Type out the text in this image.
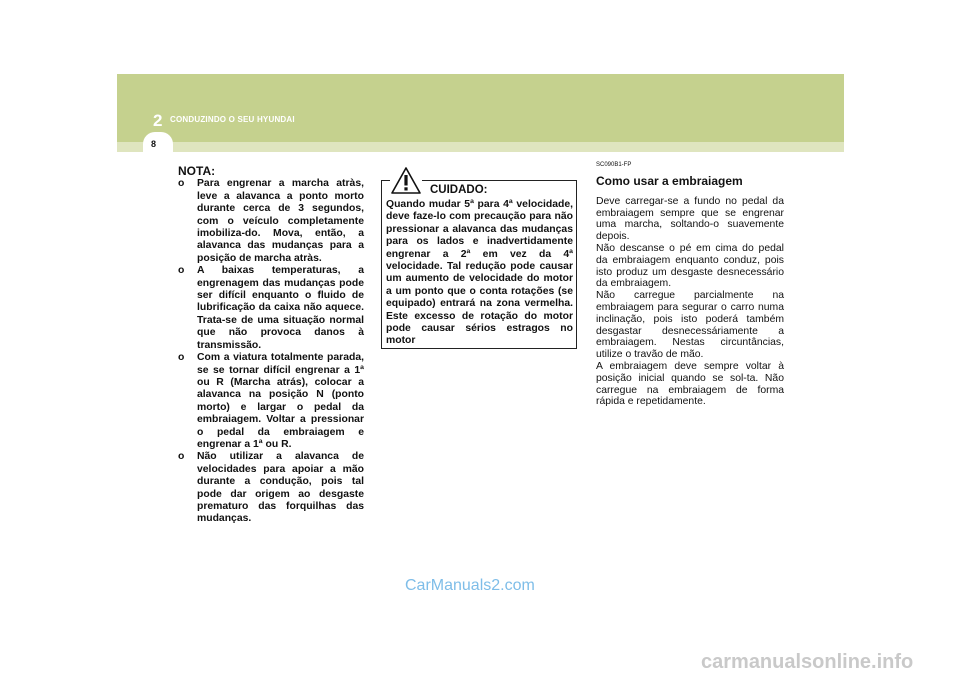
2 CONDUZINDO O SEU HYUNDAI
8
NOTA:
o Para engrenar a marcha atràs, leve a alavanca a ponto morto durante cerca de 3 segundos, com o veículo completamente imobiliza-do. Mova, então, a alavanca das mudanças para a posição de marcha atràs.
o A baixas temperaturas, a engrenagem das mudanças pode ser difícil enquanto o fluido de lubrificação da caixa não aquece. Trata-se de uma situação normal que não provoca danos à transmissão.
o Com a viatura totalmente parada, se se tornar difícil engrenar a 1ª ou R (Marcha atrás), colocar a alavanca na posição N (ponto morto) e largar o pedal da embraiagem. Voltar a pressionar o pedal da embraiagem e engrenar a 1ª ou R.
o Não utilizar a alavanca de velocidades para apoiar a mão durante a condução, pois tal pode dar origem ao desgaste prematuro das forquilhas das mudanças.

Quando mudar 5ª para 4ª velocidade, deve faze-lo com precaução para não pressionar a alavanca das mudanças para os lados e inadvertidamente engrenar a 2ª em vez da 4ª velocidade. Tal redução pode causar um aumento de velocidade do motor a um ponto que o conta rotações (se equipado) entrará na zona vermelha. Este excesso de rotação do motor pode causar sérios estragos no motor

CUIDADO:
SC090B1-FP
Como usar a embraiagem

Deve carregar-se a fundo no pedal da embraiagem sempre que se engrenar uma marcha, soltando-o suavemente depois.
Não descanse o pé em cima do pedal da embraiagem enquanto conduz, pois isto produz um desgaste desnecessário da embraiagem.
Não carregue parcialmente na embraiagem para segurar o carro numa inclinação, pois isto poderá também desgastar desnecessáriamente a embraiagem. Nestas circuntâncias, utilize o travão de mão.
A embraiagem deve sempre voltar à posição inicial quando se sol-ta. Não carregue na embraiagem de forma rápida e repetidamente.

CarManuals2.com
carmanualsonline.info
